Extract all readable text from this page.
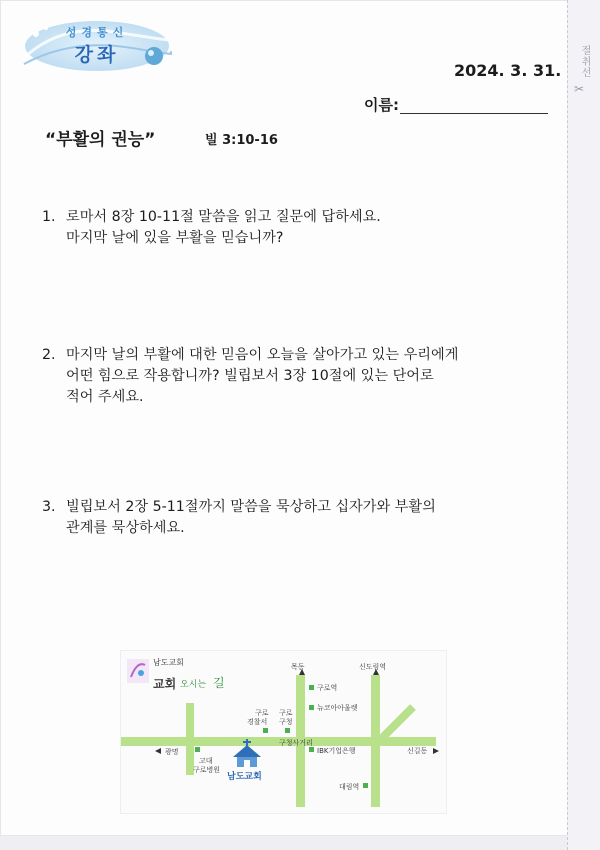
절취선
✂
성경통신
강좌
2024. 3. 31.
이름:
“부활의 권능”	빌 3:10-16
1. 로마서 8장 10-11절 말씀을 읽고 질문에 답하세요.
마지막 날에 있을 부활을 믿습니까?
2. 마지막 날의 부활에 대한 믿음이 오늘을 살아가고 있는 우리에게
어떤 힘으로 작용합니까? 빌립보서 3장 10절에 있는 단어로
적어 주세요.
3. 빌립보서 2장 5-11절까지 말씀을 묵상하고 십자가와 부활의
관계를 묵상하세요.
남도교회
교회 오시는 길
목동	신도림역
구로역
뉴코아아울렛
구로
경찰서
구로
구청
구청사거리
광명	IBK기업은행	신길동
고대
구로병원
대림역
남도교회
